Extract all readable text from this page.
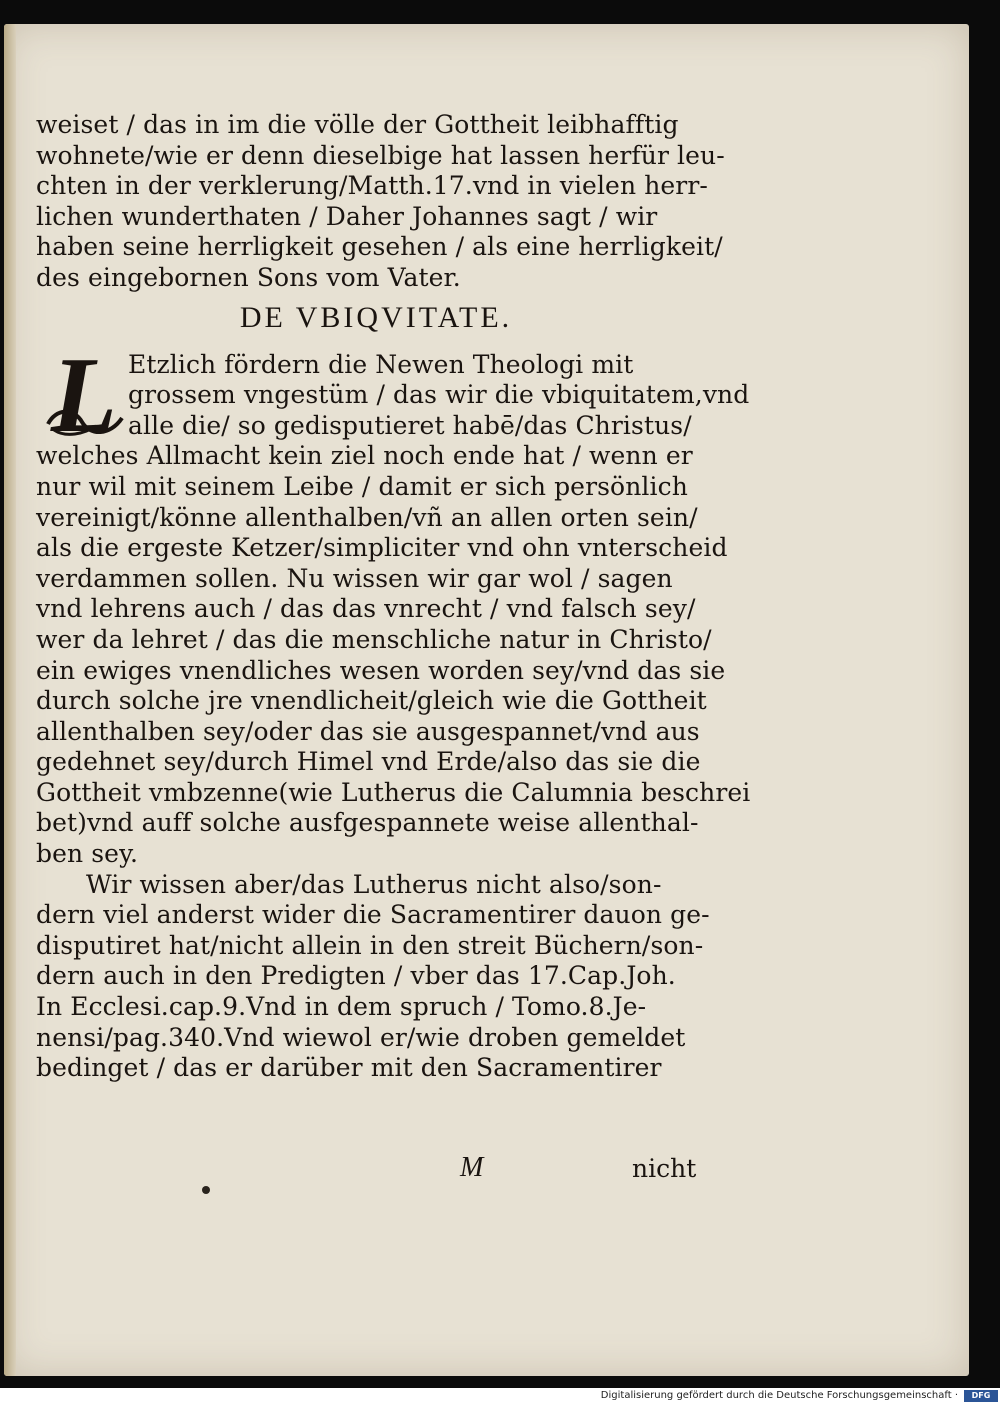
weiset / das in im die völle der Gottheit leibhafftig
wohnete/wie er denn dieselbige hat lassen herfür leu-
chten in der verklerung/Matth.17.vnd in vielen herr-
lichen wunderthaten / Daher Johannes sagt / wir
haben seine herrligkeit gesehen / als eine herrligkeit/
des eingebornen Sons vom Vater.
DE VBIQVITATE.
L Etzlich fördern die Newen Theologi mit
grossem vngestüm / das wir die vbiquitatem,vnd
alle die/ so gedisputieret habē/das Christus/
welches Allmacht kein ziel noch ende hat / wenn er
nur wil mit seinem Leibe / damit er sich persönlich
vereinigt/könne allenthalben/vñ an allen orten sein/
als die ergeste Ketzer/simpliciter vnd ohn vnterscheid
verdammen sollen. Nu wissen wir gar wol / sagen
vnd lehrens auch / das das vnrecht / vnd falsch sey/
wer da lehret / das die menschliche natur in Christo/
ein ewiges vnendliches wesen worden sey/vnd das sie
durch solche jre vnendlicheit/gleich wie die Gottheit
allenthalben sey/oder das sie ausgespannet/vnd aus
gedehnet sey/durch Himel vnd Erde/also das sie die
Gottheit vmbzenne(wie Lutherus die Calumnia beschrei
bet)vnd auff solche ausfgespannete weise allenthal-
ben sey.
Wir wissen aber/das Lutherus nicht also/son-
dern viel anderst wider die Sacramentirer dauon ge-
disputiret hat/nicht allein in den streit Büchern/son-
dern auch in den Predigten / vber das 17.Cap.Joh.
In Ecclesi.cap.9.Vnd in dem spruch / Tomo.8.Je-
nensi/pag.340.Vnd wiewol er/wie droben gemeldet
bedinget / das er darüber mit den Sacramentirer
M	nicht
Digitalisierung gefördert durch die Deutsche Forschungsgemeinschaft ·	DFG
